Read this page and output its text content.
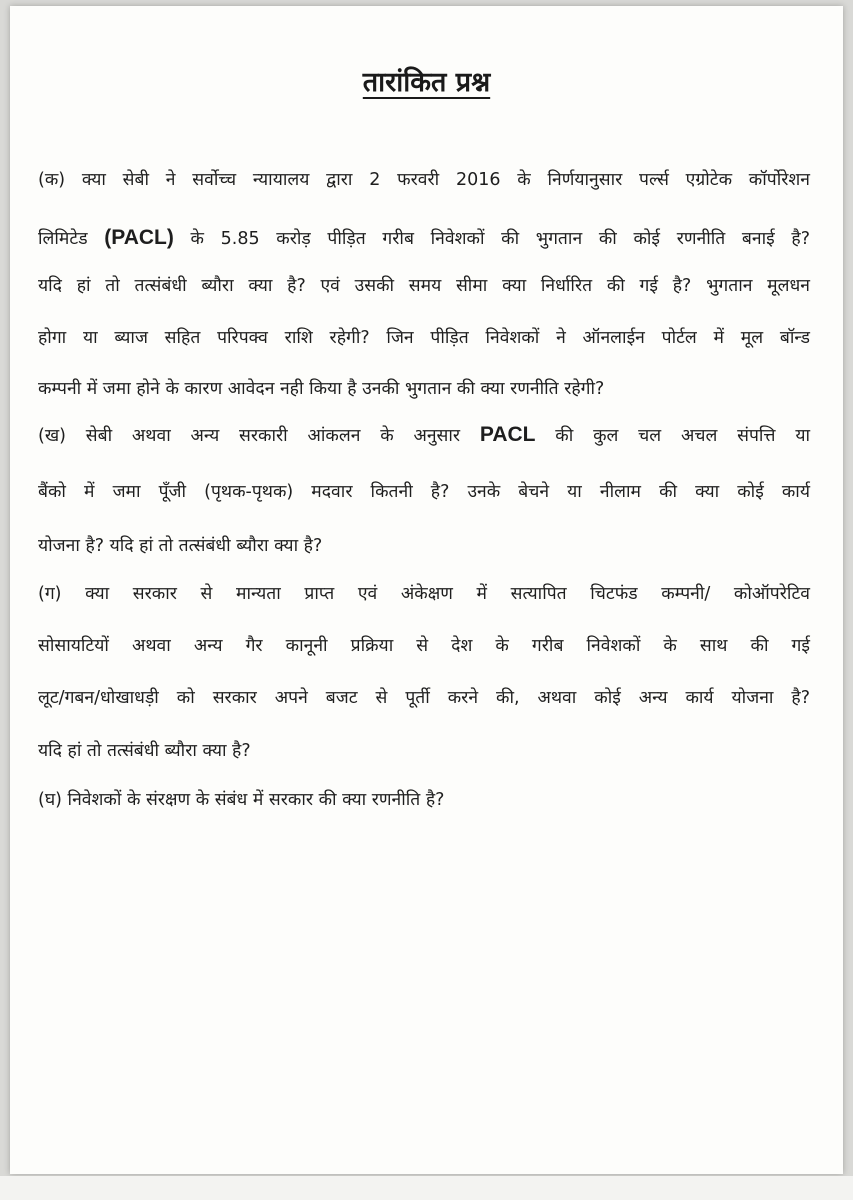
तारांकित प्रश्न
(क) क्या सेबी ने सर्वोच्च न्यायालय द्वारा 2 फरवरी 2016 के निर्णयानुसार पर्ल्स एग्रोटेक कॉर्पोरेशन
लिमिटेड (PACL) के 5.85 करोड़ पीड़ित गरीब निवेशकों की भुगतान की कोई रणनीति बनाई है?
यदि हां तो तत्संबंधी ब्यौरा क्या है? एवं उसकी समय सीमा क्या निर्धारित की गई है? भुगतान मूलधन
होगा या ब्याज सहित परिपक्व राशि रहेगी? जिन पीड़ित निवेशकों ने ऑनलाईन पोर्टल में मूल बॉन्ड
कम्पनी में जमा होने के कारण आवेदन नही किया है उनकी भुगतान की क्या रणनीति रहेगी?
(ख) सेबी अथवा अन्य सरकारी आंकलन के अनुसार PACL की कुल चल अचल संपत्ति या
बैंको में जमा पूँजी (पृथक-पृथक) मदवार कितनी है? उनके बेचने या नीलाम की क्या कोई कार्य
योजना है? यदि हां तो तत्संबंधी ब्यौरा क्या है?
(ग) क्या सरकार से मान्यता प्राप्त एवं अंकेक्षण में सत्यापित चिटफंड कम्पनी/ कोऑपरेटिव
सोसायटियों अथवा अन्य गैर कानूनी प्रक्रिया से देश के गरीब निवेशकों के साथ की गई
लूट/गबन/धोखाधड़ी को सरकार अपने बजट से पूर्ती करने की, अथवा कोई अन्य कार्य योजना है?
यदि हां तो तत्संबंधी ब्यौरा क्या है?
(घ) निवेशकों के संरक्षण के संबंध में सरकार की क्या रणनीति है?
